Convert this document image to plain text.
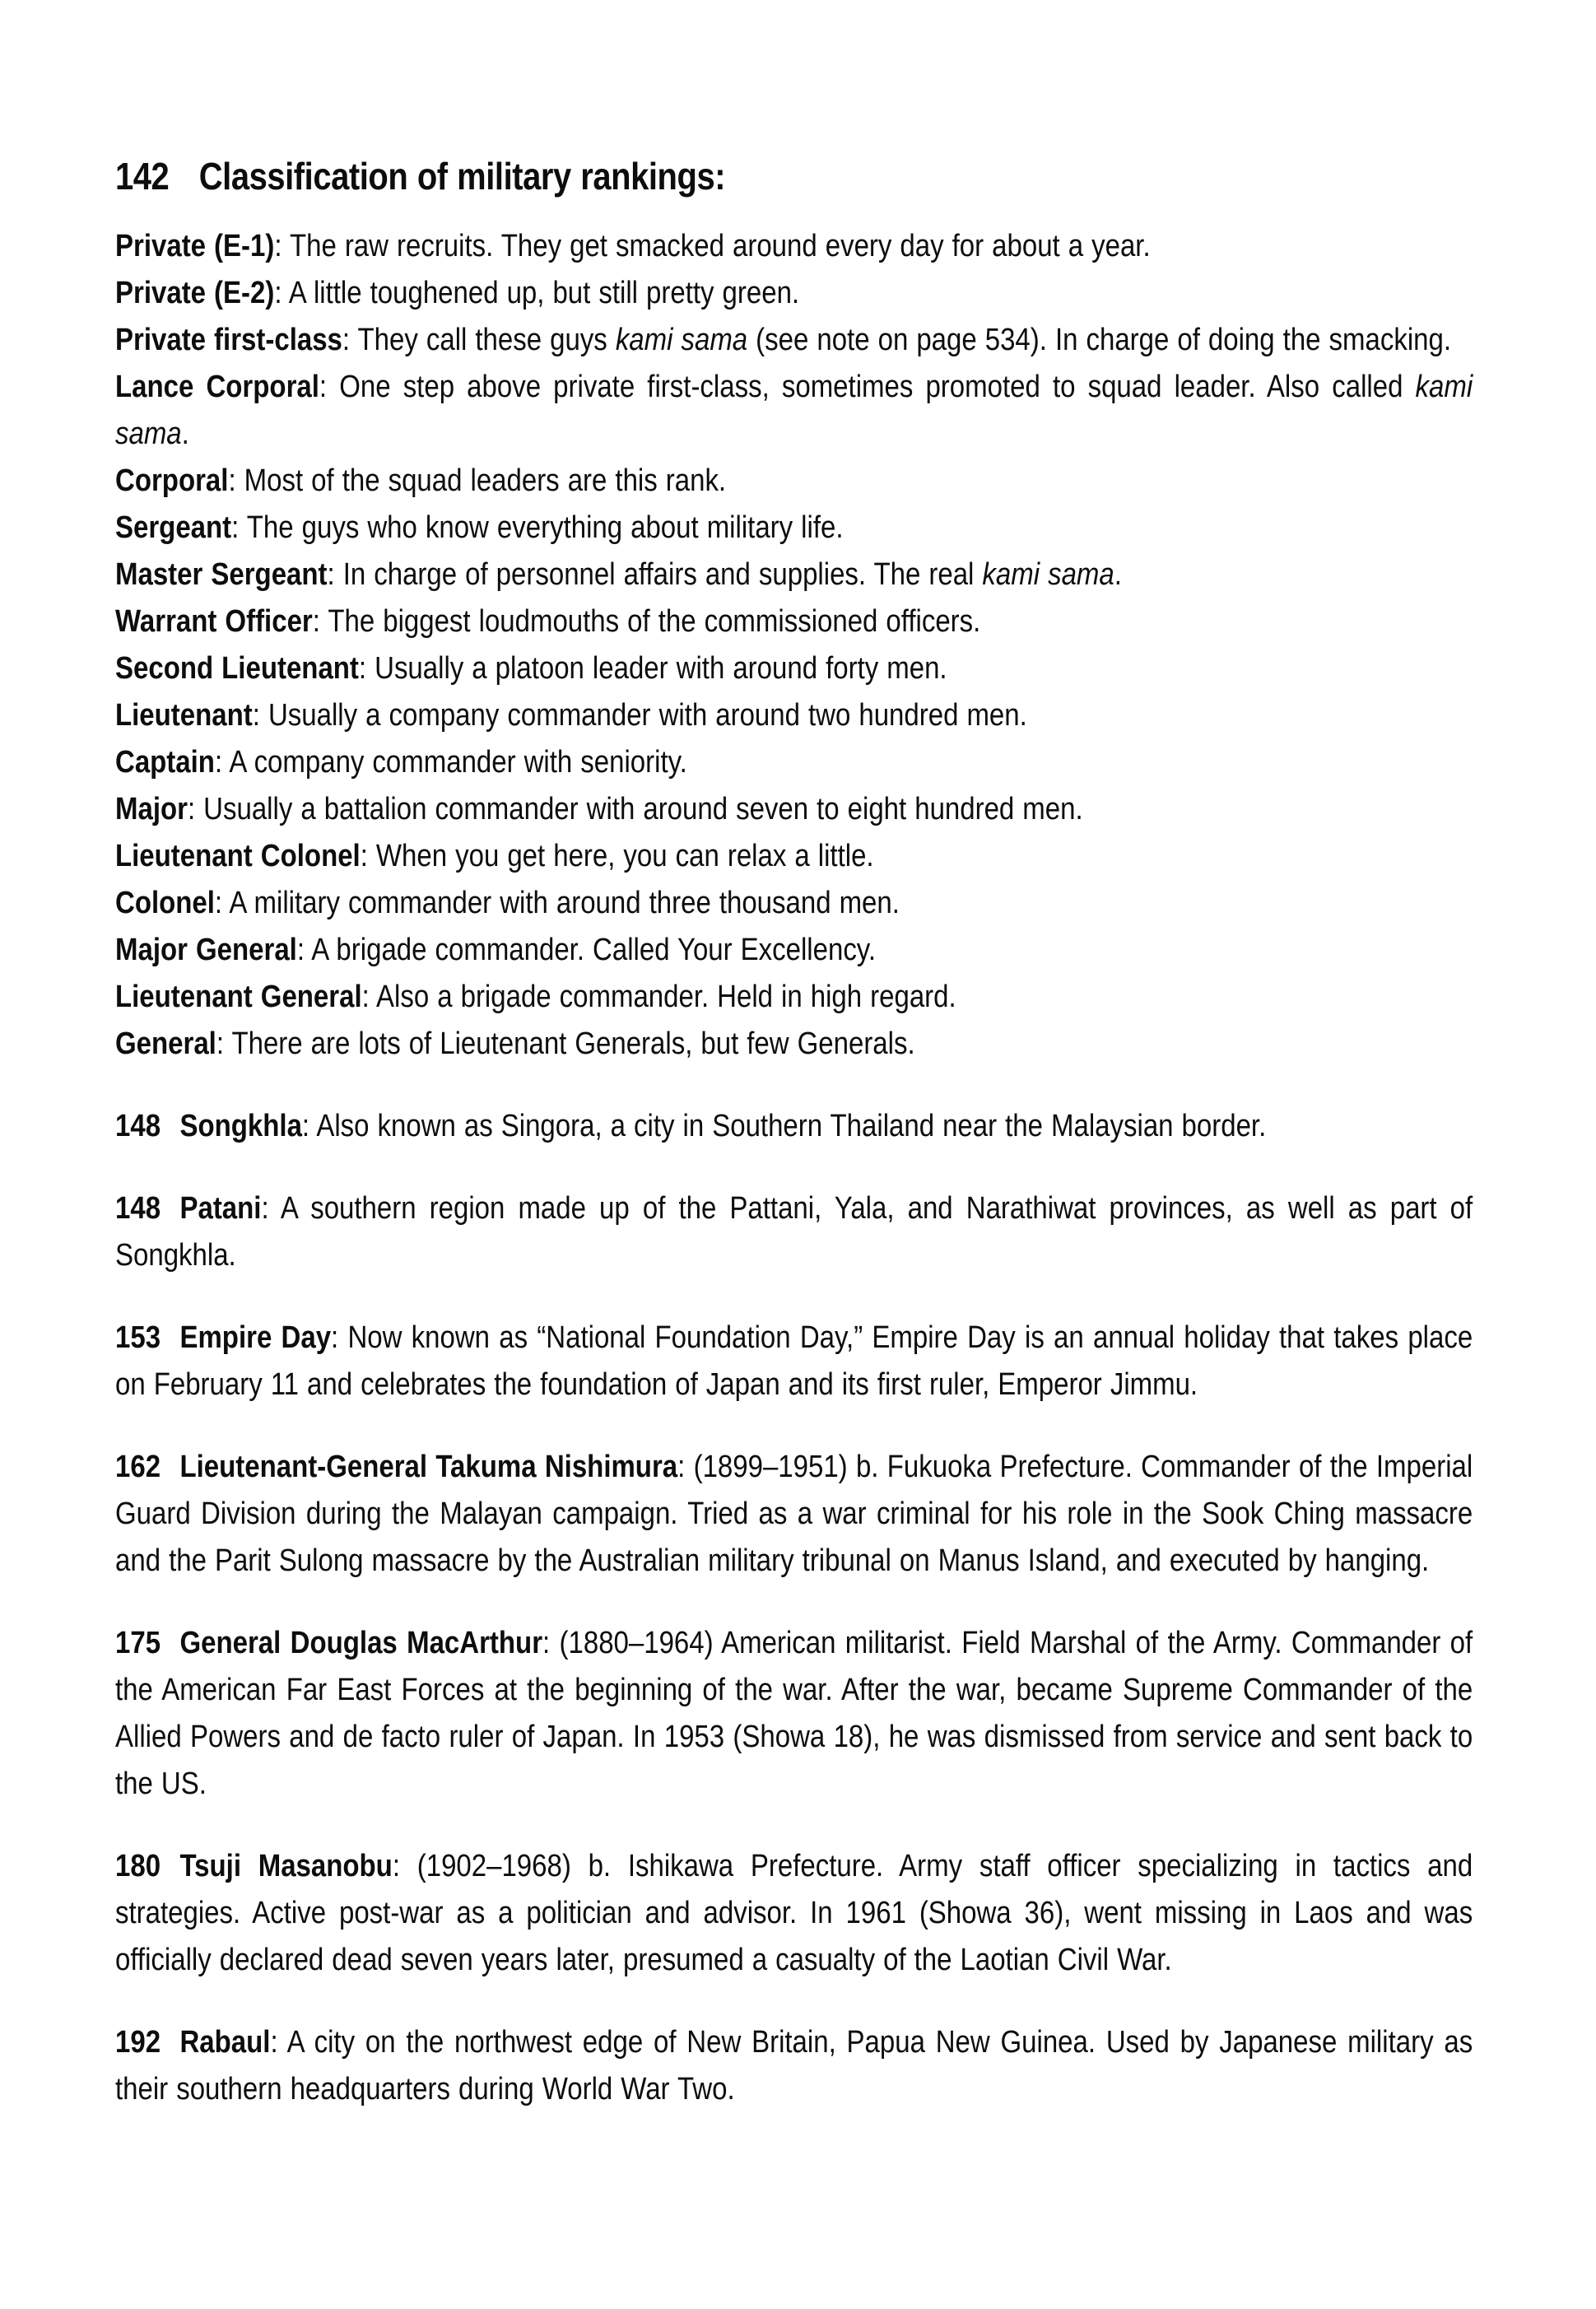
142 Classification of military rankings:

Private (E-1): The raw recruits. They get smacked around every day for about a year.

Private (E-2): A little toughened up, but still pretty green.

Private first-class: They call these guys kami sama (see note on page 534). In charge of doing the smacking.

Lance Corporal: One step above private first-class, sometimes promoted to squad leader. Also called kami sama.

Corporal: Most of the squad leaders are this rank.

Sergeant: The guys who know everything about military life.

Master Sergeant: In charge of personnel affairs and supplies. The real kami sama.

Warrant Officer: The biggest loudmouths of the commissioned officers.

Second Lieutenant: Usually a platoon leader with around forty men.

Lieutenant: Usually a company commander with around two hundred men.

Captain: A company commander with seniority.

Major: Usually a battalion commander with around seven to eight hundred men.

Lieutenant Colonel: When you get here, you can relax a little.

Colonel: A military commander with around three thousand men.

Major General: A brigade commander. Called Your Excellency.

Lieutenant General: Also a brigade commander. Held in high regard.

General: There are lots of Lieutenant Generals, but few Generals.

148 Songkhla: Also known as Singora, a city in Southern Thailand near the Malaysian border.

148 Patani: A southern region made up of the Pattani, Yala, and Narathiwat provinces, as well as part of Songkhla.

153 Empire Day: Now known as “National Foundation Day,” Empire Day is an annual holiday that takes place on February 11 and celebrates the foundation of Japan and its first ruler, Emperor Jimmu.

162 Lieutenant-General Takuma Nishimura: (1899–1951) b. Fukuoka Prefecture. Commander of the Imperial Guard Division during the Malayan campaign. Tried as a war criminal for his role in the Sook Ching massacre and the Parit Sulong massacre by the Australian military tribunal on Manus Island, and executed by hanging.

175 General Douglas MacArthur: (1880–1964) American militarist. Field Marshal of the Army. Commander of the American Far East Forces at the beginning of the war. After the war, became Supreme Commander of the Allied Powers and de facto ruler of Japan. In 1953 (Showa 18), he was dismissed from service and sent back to the US.

180 Tsuji Masanobu: (1902–1968) b. Ishikawa Prefecture. Army staff officer specializing in tactics and strategies. Active post-war as a politician and advisor. In 1961 (Showa 36), went missing in Laos and was officially declared dead seven years later, presumed a casualty of the Laotian Civil War.

192 Rabaul: A city on the northwest edge of New Britain, Papua New Guinea. Used by Japanese military as their southern headquarters during World War Two.
